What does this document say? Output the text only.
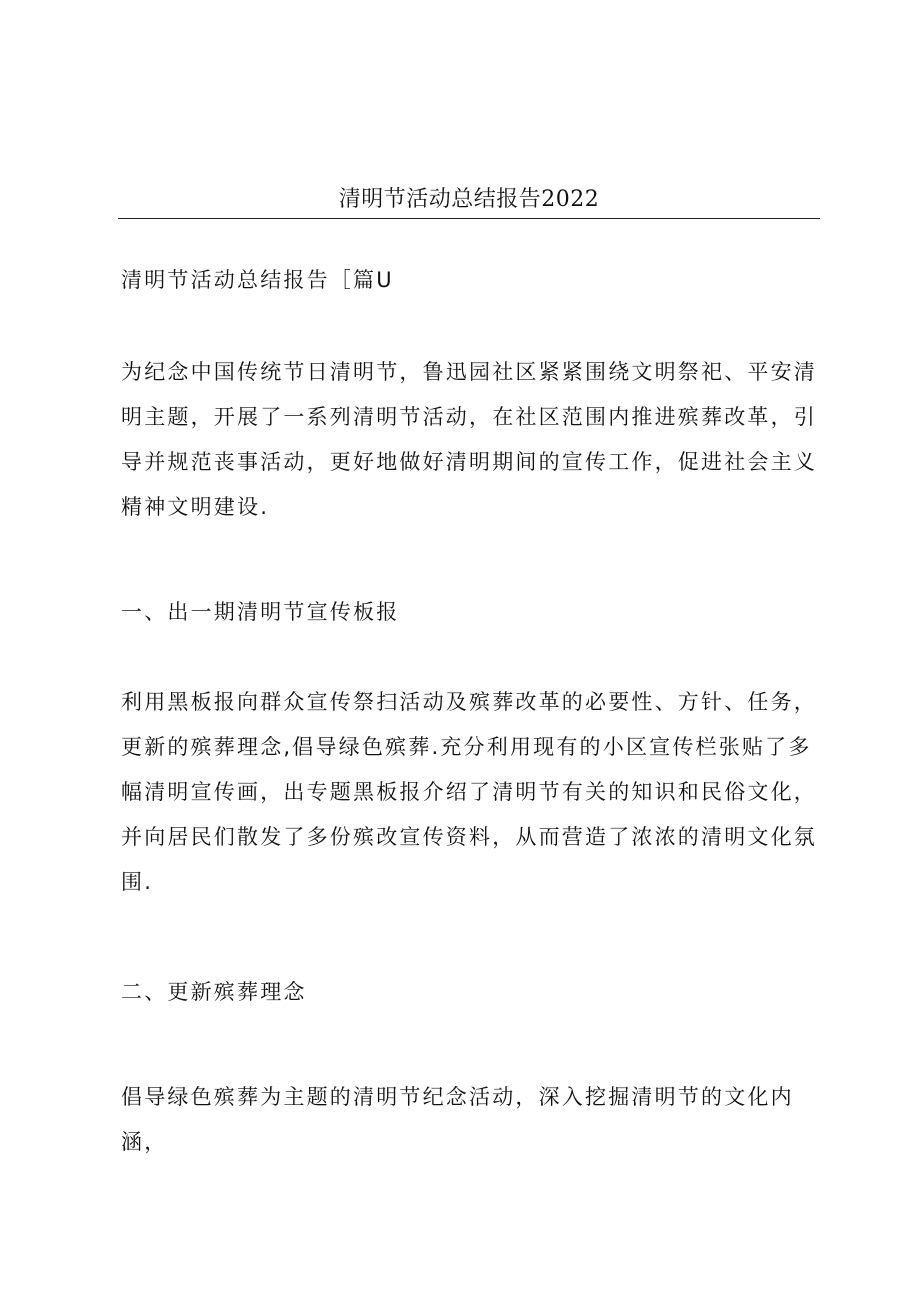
清明节活动总结报告2022

清明节活动总结报告［篇U

为纪念中国传统节日清明节，鲁迅园社区紧紧围绕文明祭祀、平安清明主题，开展了一系列清明节活动，在社区范围内推进殡葬改革，引导并规范丧事活动，更好地做好清明期间的宣传工作，促进社会主义精神文明建设.

一、出一期清明节宣传板报

利用黑板报向群众宣传祭扫活动及殡葬改革的必要性、方针、任务，更新的殡葬理念,倡导绿色殡葬.充分利用现有的小区宣传栏张贴了多幅清明宣传画，出专题黑板报介绍了清明节有关的知识和民俗文化，并向居民们散发了多份殡改宣传资料，从而营造了浓浓的清明文化氛围.

二、更新殡葬理念

倡导绿色殡葬为主题的清明节纪念活动，深入挖掘清明节的文化内涵，
